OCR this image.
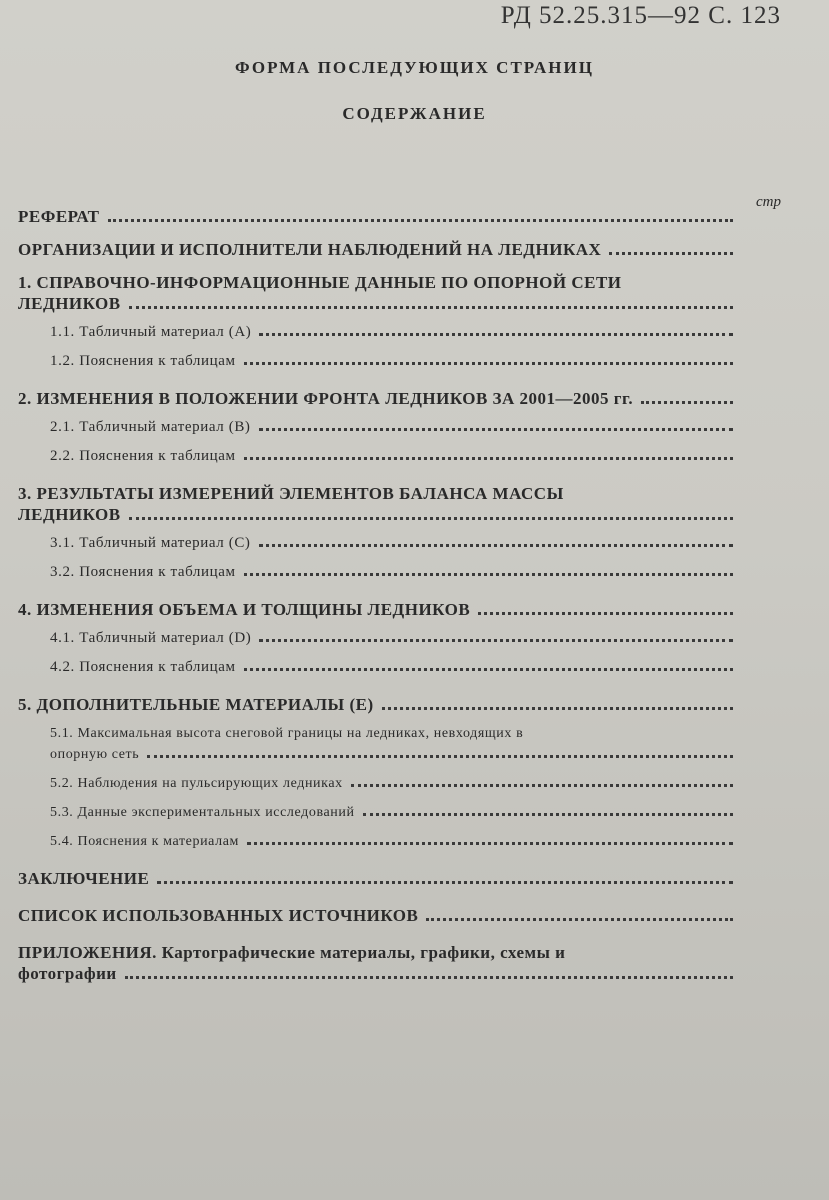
РД 52.25.315—92 С. 123
ФОРМА ПОСЛЕДУЮЩИХ СТРАНИЦ
СОДЕРЖАНИЕ
стр
РЕФЕРАТ
ОРГАНИЗАЦИИ И ИСПОЛНИТЕЛИ НАБЛЮДЕНИЙ НА ЛЕДНИКАХ
1. СПРАВОЧНО-ИНФОРМАЦИОННЫЕ ДАННЫЕ ПО ОПОРНОЙ СЕТИ
ЛЕДНИКОВ
1.1. Табличный материал (А)
1.2. Пояснения к таблицам
2. ИЗМЕНЕНИЯ В ПОЛОЖЕНИИ ФРОНТА ЛЕДНИКОВ ЗА 2001—2005 гг.
2.1. Табличный материал (В)
2.2. Пояснения к таблицам
3. РЕЗУЛЬТАТЫ ИЗМЕРЕНИЙ ЭЛЕМЕНТОВ БАЛАНСА МАССЫ
ЛЕДНИКОВ
3.1. Табличный материал (С)
3.2. Пояснения к таблицам
4. ИЗМЕНЕНИЯ ОБЪЕМА И ТОЛЩИНЫ ЛЕДНИКОВ
4.1. Табличный материал (D)
4.2. Пояснения к таблицам
5. ДОПОЛНИТЕЛЬНЫЕ МАТЕРИАЛЫ (Е)
5.1. Максимальная высота снеговой границы на ледниках, невходящих в
опорную сеть
5.2. Наблюдения на пульсирующих ледниках
5.3. Данные экспериментальных исследований
5.4. Пояснения к материалам
ЗАКЛЮЧЕНИЕ
СПИСОК ИСПОЛЬЗОВАННЫХ ИСТОЧНИКОВ
ПРИЛОЖЕНИЯ. Картографические материалы, графики, схемы и
фотографии
